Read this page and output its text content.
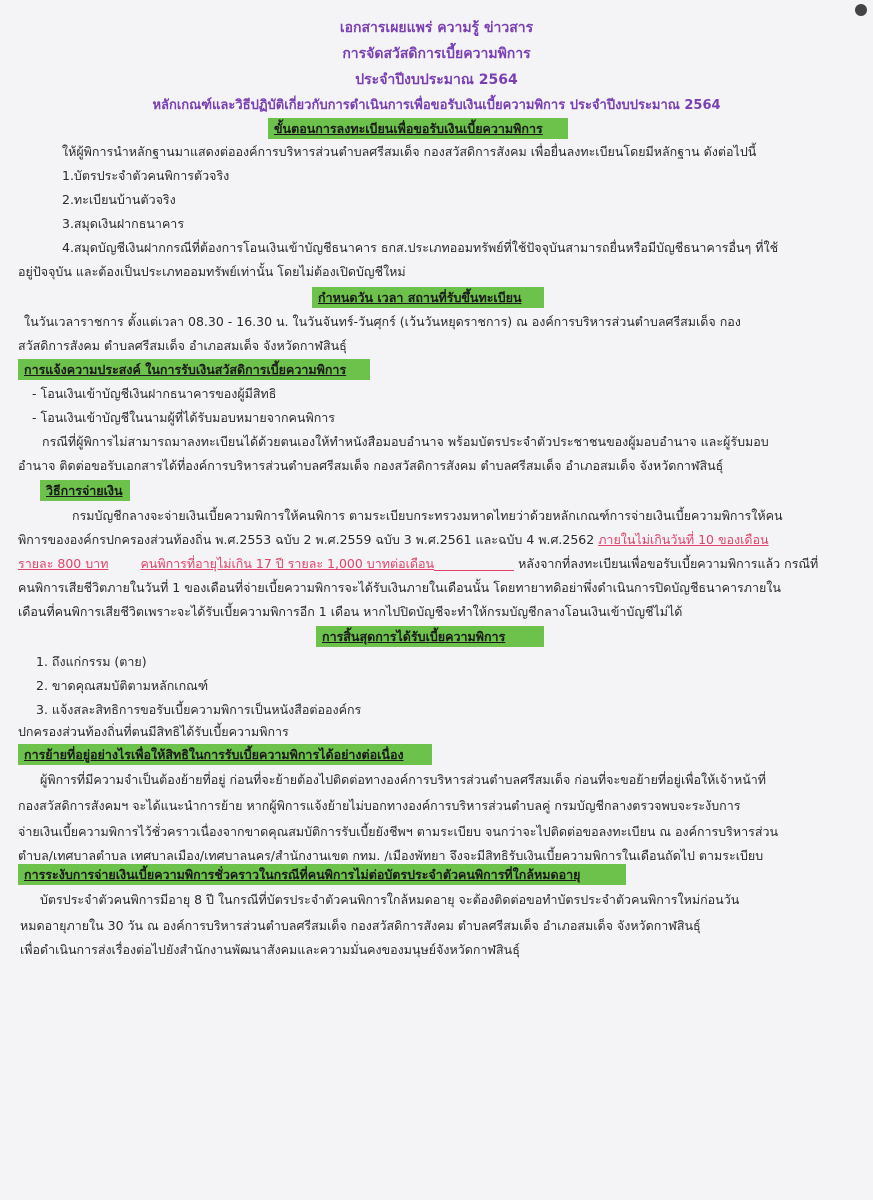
เอกสารเผยแพร่ ความรู้ ข่าวสาร
การจัดสวัสดิการเบี้ยความพิการ
ประจำปีงบประมาณ 2564
หลักเกณฑ์และวิธีปฏิบัติเกี่ยวกับการดำเนินการเพื่อขอรับเงินเบี้ยความพิการ ประจำปีงบประมาณ 2564
ขั้นตอนการลงทะเบียนเพื่อขอรับเงินเบี้ยความพิการ
ให้ผู้พิการนำหลักฐานมาแสดงต่อองค์การบริหารส่วนตำบลศรีสมเด็จ กองสวัสดิการสังคม เพื่อยื่นลงทะเบียนโดยมีหลักฐาน ดังต่อไปนี้
1.บัตรประจำตัวคนพิการตัวจริง
2.ทะเบียนบ้านตัวจริง
3.สมุดเงินฝากธนาคาร
4.สมุดบัญชีเงินฝากกรณีที่ต้องการโอนเงินเข้าบัญชีธนาคาร ธกส.ประเภทออมทรัพย์ที่ใช้ปัจจุบันสามารถยื่นหรือมีบัญชีธนาคารอื่นๆ ที่ใช้
อยู่ปัจจุบัน และต้องเป็นประเภทออมทรัพย์เท่านั้น โดยไม่ต้องเปิดบัญชีใหม่
กำหนดวัน เวลา สถานที่รับขึ้นทะเบียน
ในวันเวลาราชการ ตั้งแต่เวลา 08.30 - 16.30 น. ในวันจันทร์-วันศุกร์ (เว้นวันหยุดราชการ) ณ องค์การบริหารส่วนตำบลศรีสมเด็จ กอง
สวัสดิการสังคม ตำบลศรีสมเด็จ อำเภอสมเด็จ จังหวัดกาฬสินธุ์
การแจ้งความประสงค์ ในการรับเงินสวัสดิการเบี้ยความพิการ
- โอนเงินเข้าบัญชีเงินฝากธนาคารของผู้มีสิทธิ
- โอนเงินเข้าบัญชีในนามผู้ที่ได้รับมอบหมายจากคนพิการ
กรณีที่ผู้พิการไม่สามารถมาลงทะเบียนได้ด้วยตนเองให้ทำหนังสือมอบอำนาจ พร้อมบัตรประจำตัวประชาชนของผู้มอบอำนาจ และผู้รับมอบ
อำนาจ ติดต่อขอรับเอกสารได้ที่องค์การบริหารส่วนตำบลศรีสมเด็จ กองสวัสดิการสังคม ตำบลศรีสมเด็จ อำเภอสมเด็จ จังหวัดกาฬสินธุ์
วิธีการจ่ายเงิน
กรมบัญชีกลางจะจ่ายเงินเบี้ยความพิการให้คนพิการ ตามระเบียบกระทรวงมหาดไทยว่าด้วยหลักเกณฑ์การจ่ายเงินเบี้ยความพิการให้คน
พิการขององค์กรปกครองส่วนท้องถิ่น พ.ศ.2553 ฉบับ 2 พ.ศ.2559 ฉบับ 3 พ.ศ.2561 และฉบับ 4 พ.ศ.2562 ภายในไม่เกินวันที่ 10 ของเดือน
รายละ 800 บาท	คนพิการที่อายุไม่เกิน 17 ปี รายละ 1,000 บาทต่อเดือน	หลังจากที่ลงทะเบียนเพื่อขอรับเบี้ยความพิการแล้ว กรณีที่
คนพิการเสียชีวิตภายในวันที่ 1 ของเดือนที่จ่ายเบี้ยความพิการจะได้รับเงินภายในเดือนนั้น โดยทายาทดิอย่าพึ่งดำเนินการปิดบัญชีธนาคารภายใน
เดือนที่คนพิการเสียชีวิตเพราะจะได้รับเบี้ยความพิการอีก 1 เดือน หากไปปิดบัญชีจะทำให้กรมบัญชีกลางโอนเงินเข้าบัญชีไม่ได้
การสิ้นสุดการได้รับเบี้ยความพิการ
1. ถึงแก่กรรม (ตาย)
2. ขาดคุณสมบัติตามหลักเกณฑ์
3. แจ้งสละสิทธิการขอรับเบี้ยความพิการเป็นหนังสือต่อองค์กร
ปกครองส่วนท้องถิ่นที่ตนมีสิทธิได้รับเบี้ยความพิการ
การย้ายที่อยู่อย่างไรเพื่อให้สิทธิในการรับเบี้ยความพิการได้อย่างต่อเนื่อง
ผู้พิการที่มีความจำเป็นต้องย้ายที่อยู่ ก่อนที่จะย้ายต้องไปติดต่อทางองค์การบริหารส่วนตำบลศรีสมเด็จ ก่อนที่จะขอย้ายที่อยู่เพื่อให้เจ้าหน้าที่
กองสวัสดิการสังคมฯ จะได้แนะนำการย้าย หากผู้พิการแจ้งย้ายไม่บอกทางองค์การบริหารส่วนตำบลคู่ กรมบัญชีกลางตรวจพบจะระงับการ
จ่ายเงินเบี้ยความพิการไว้ชั่วคราวเนื่องจากขาดคุณสมบัติการรับเบี้ยยังชีพฯ ตามระเบียบ จนกว่าจะไปติดต่อขอลงทะเบียน ณ องค์การบริหารส่วน
ตำบล/เทศบาลตำบล เทศบาลเมือง/เทศบาลนคร/สำนักงานเขต กทม. /เมืองพัทยา จึงจะมีสิทธิรับเงินเบี้ยความพิการในเดือนถัดไป ตามระเบียบ
การระงับการจ่ายเงินเบี้ยความพิการชั่วคราวในกรณีที่คนพิการไม่ต่อบัตรประจำตัวคนพิการที่ใกล้หมดอายุ
บัตรประจำตัวคนพิการมีอายุ 8 ปี ในกรณีที่บัตรประจำตัวคนพิการใกล้หมดอายุ จะต้องติดต่อขอทำบัตรประจำตัวคนพิการใหม่ก่อนวัน
หมดอายุภายใน 30 วัน ณ องค์การบริหารส่วนตำบลศรีสมเด็จ กองสวัสดิการสังคม ตำบลศรีสมเด็จ อำเภอสมเด็จ จังหวัดกาฬสินธุ์
เพื่อดำเนินการส่งเรื่องต่อไปยังสำนักงานพัฒนาสังคมและความมั่นคงของมนุษย์จังหวัดกาฬสินธุ์
